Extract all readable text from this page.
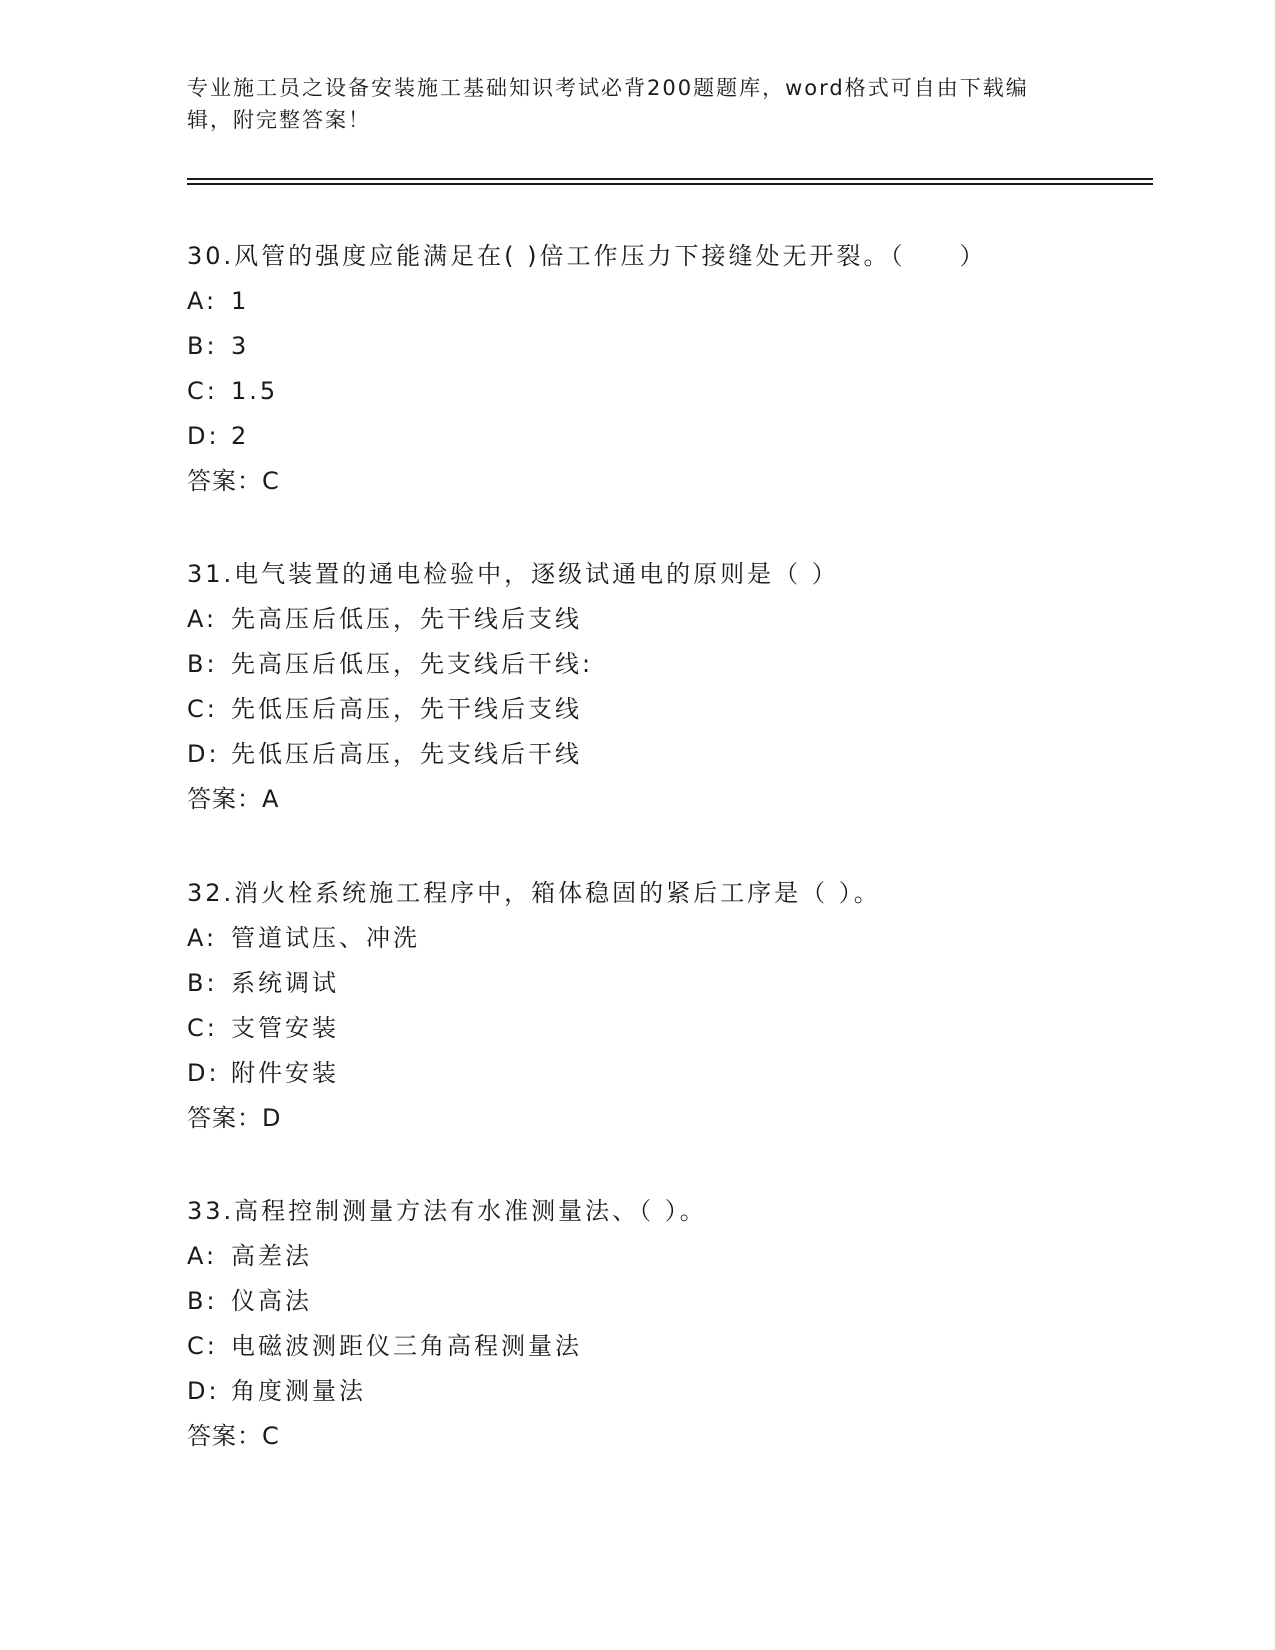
专业施工员之设备安装施工基础知识考试必背200题题库，word格式可自由下载编辑，附完整答案！
30.风管的强度应能满足在( )倍工作压力下接缝处无开裂。（　　）
A: 1
B: 3
C: 1.5
D: 2
答案：C
31.电气装置的通电检验中，逐级试通电的原则是（ ）
A: 先高压后低压，先干线后支线
B: 先高压后低压，先支线后干线:
C: 先低压后高压，先干线后支线
D: 先低压后高压，先支线后干线
答案：A
32.消火栓系统施工程序中，箱体稳固的紧后工序是（ ）。
A: 管道试压、冲洗
B: 系统调试
C: 支管安装
D: 附件安装
答案：D
33.高程控制测量方法有水准测量法、（ ）。
A: 高差法
B: 仪高法
C: 电磁波测距仪三角高程测量法
D: 角度测量法
答案：C
